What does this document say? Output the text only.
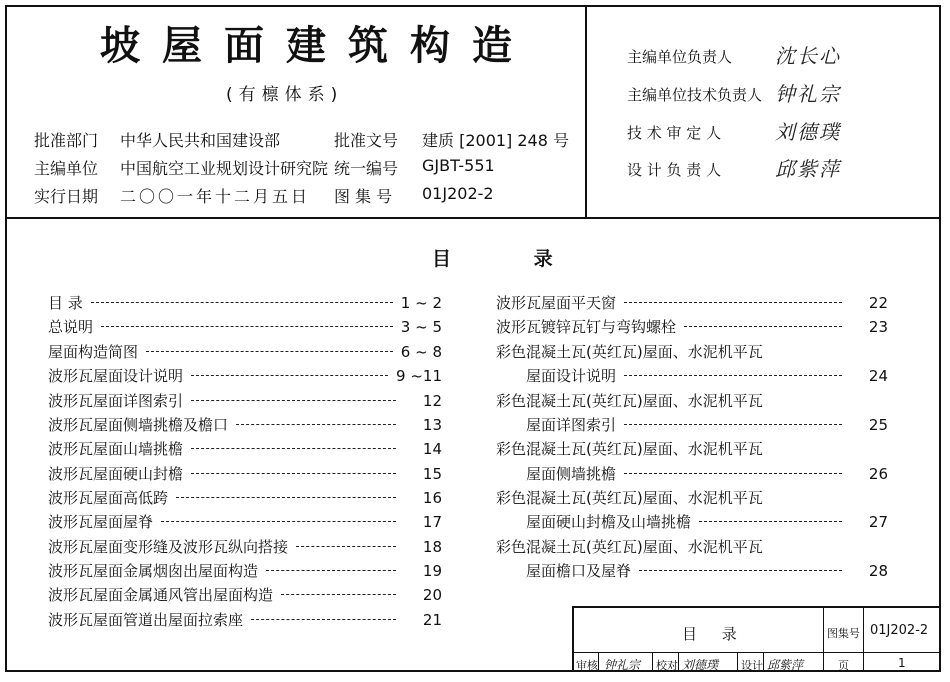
坡屋面建筑构造
(有檩体系)
批准部门 中华人民共和国建设部	批准文号 建质 [2001] 248 号
主编单位 中国航空工业规划设计研究院 统一编号 GJBT-551
实行日期 二〇〇一年十二月五日 图 集 号 01J202-2
主编单位负责人 沈长心
主编单位技术负责人 钟礼宗
技 术 审 定 人	刘德璞
设 计 负 责 人	邱紫萍
目 录
目 录	1 ~ 2
总说明	3 ~ 5
屋面构造简图	6 ~ 8
波形瓦屋面设计说明	9 ~11
波形瓦屋面详图索引	12
波形瓦屋面侧墙挑檐及檐口	13
波形瓦屋面山墙挑檐	14
波形瓦屋面硬山封檐	15
波形瓦屋面高低跨	16
波形瓦屋面屋脊	17
波形瓦屋面变形缝及波形瓦纵向搭接	18
波形瓦屋面金属烟囱出屋面构造	19
波形瓦屋面金属通风管出屋面构造	20
波形瓦屋面管道出屋面拉索座	21
波形瓦屋面平天窗	22
波形瓦镀锌瓦钉与弯钩螺栓	23
彩色混凝土瓦(英红瓦)屋面、水泥机平瓦
屋面设计说明	24
彩色混凝土瓦(英红瓦)屋面、水泥机平瓦
屋面详图索引	25
彩色混凝土瓦(英红瓦)屋面、水泥机平瓦
屋面侧墙挑檐	26
彩色混凝土瓦(英红瓦)屋面、水泥机平瓦
屋面硬山封檐及山墙挑檐	27
彩色混凝土瓦(英红瓦)屋面、水泥机平瓦
屋面檐口及屋脊	28
目 录	图集号 01J202-2
审核 钟礼宗 校对 刘德璞 设计 邱紫萍	页	1
